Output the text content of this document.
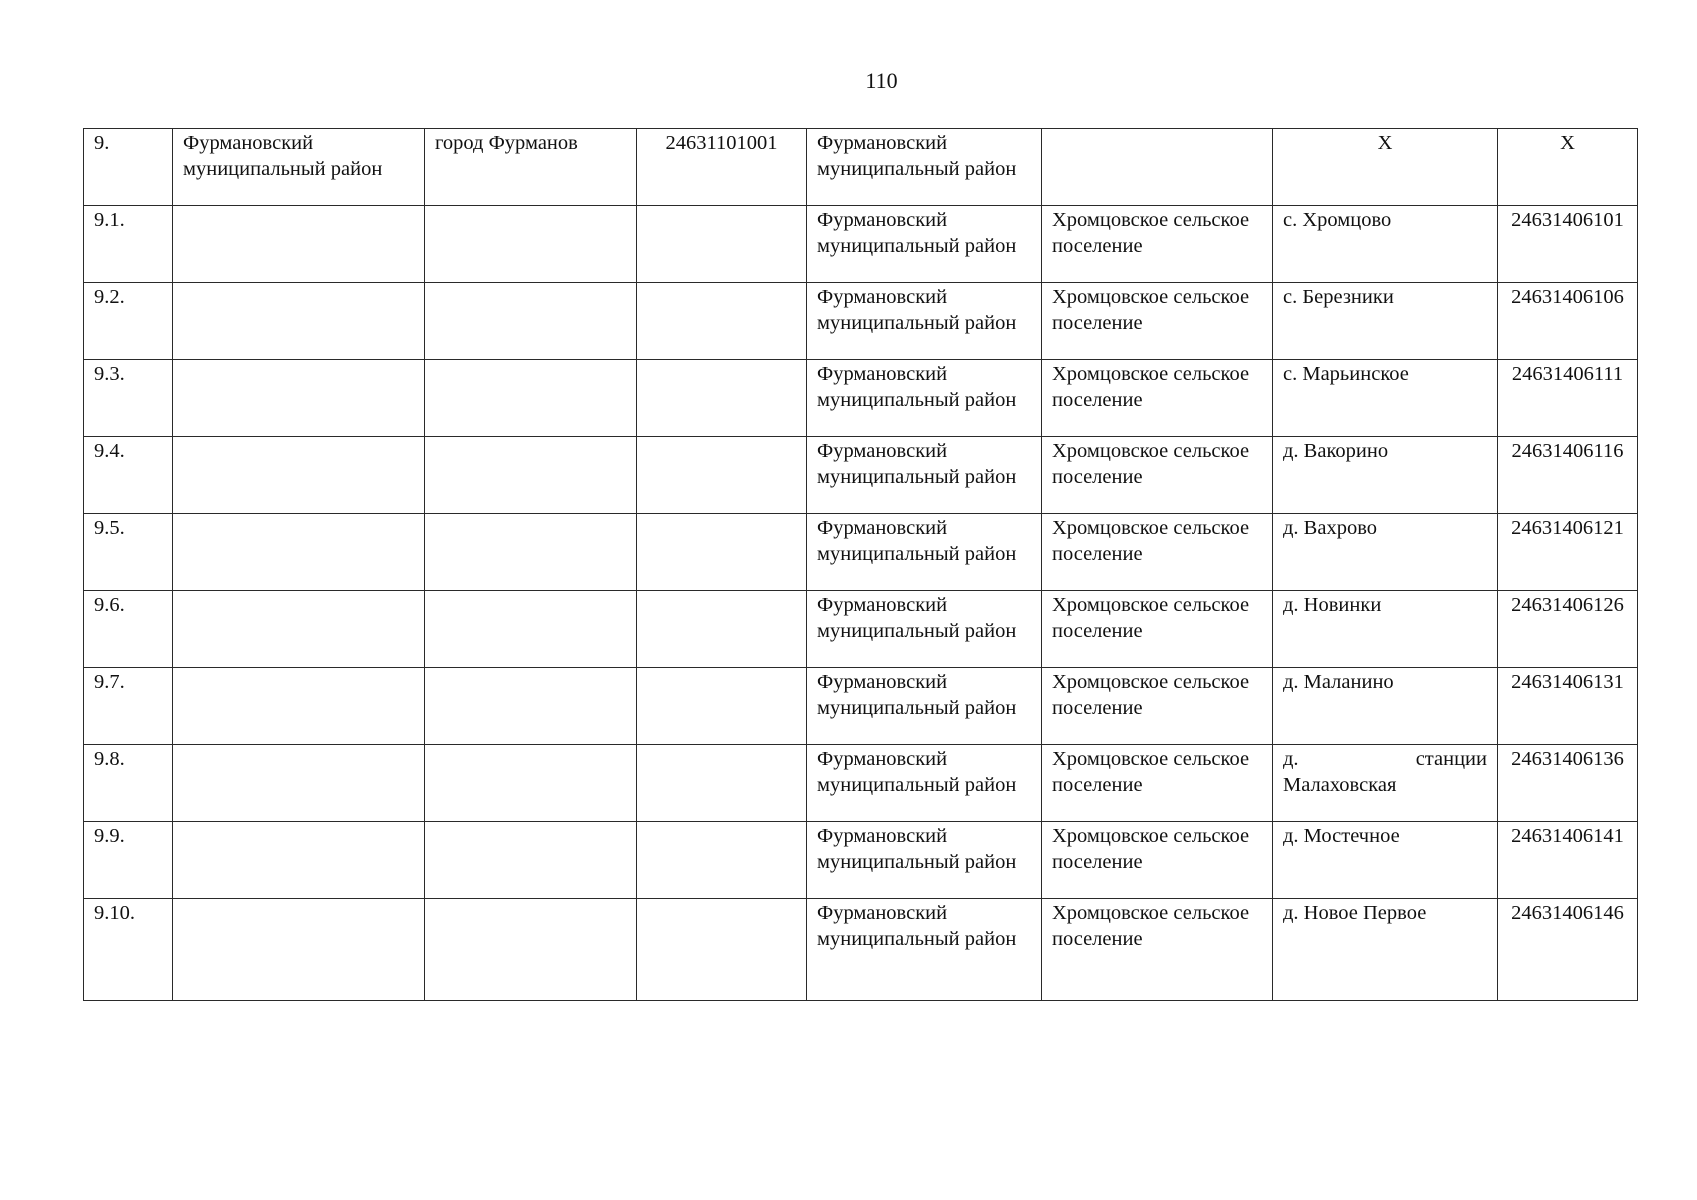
110
9.	Фурмановский муниципальный район	город Фурманов	24631101001	Фурмановский муниципальный район		X	X
9.1.				Фурмановский муниципальный район	Хромцовское сельское поселение	с. Хромцово	24631406101
9.2.				Фурмановский муниципальный район	Хромцовское сельское поселение	с. Березники	24631406106
9.3.				Фурмановский муниципальный район	Хромцовское сельское поселение	с. Марьинское	24631406111
9.4.				Фурмановский муниципальный район	Хромцовское сельское поселение	д. Вакорино	24631406116
9.5.				Фурмановский муниципальный район	Хромцовское сельское поселение	д. Вахрово	24631406121
9.6.				Фурмановский муниципальный район	Хромцовское сельское поселение	д. Новинки	24631406126
9.7.				Фурмановский муниципальный район	Хромцовское сельское поселение	д. Маланино	24631406131
9.8.				Фурмановский муниципальный район	Хромцовское сельское поселение	д. станции Малаховская	24631406136
9.9.				Фурмановский муниципальный район	Хромцовское сельское поселение	д. Мостечное	24631406141
9.10.				Фурмановский муниципальный район	Хромцовское сельское поселение	д. Новое Первое	24631406146
